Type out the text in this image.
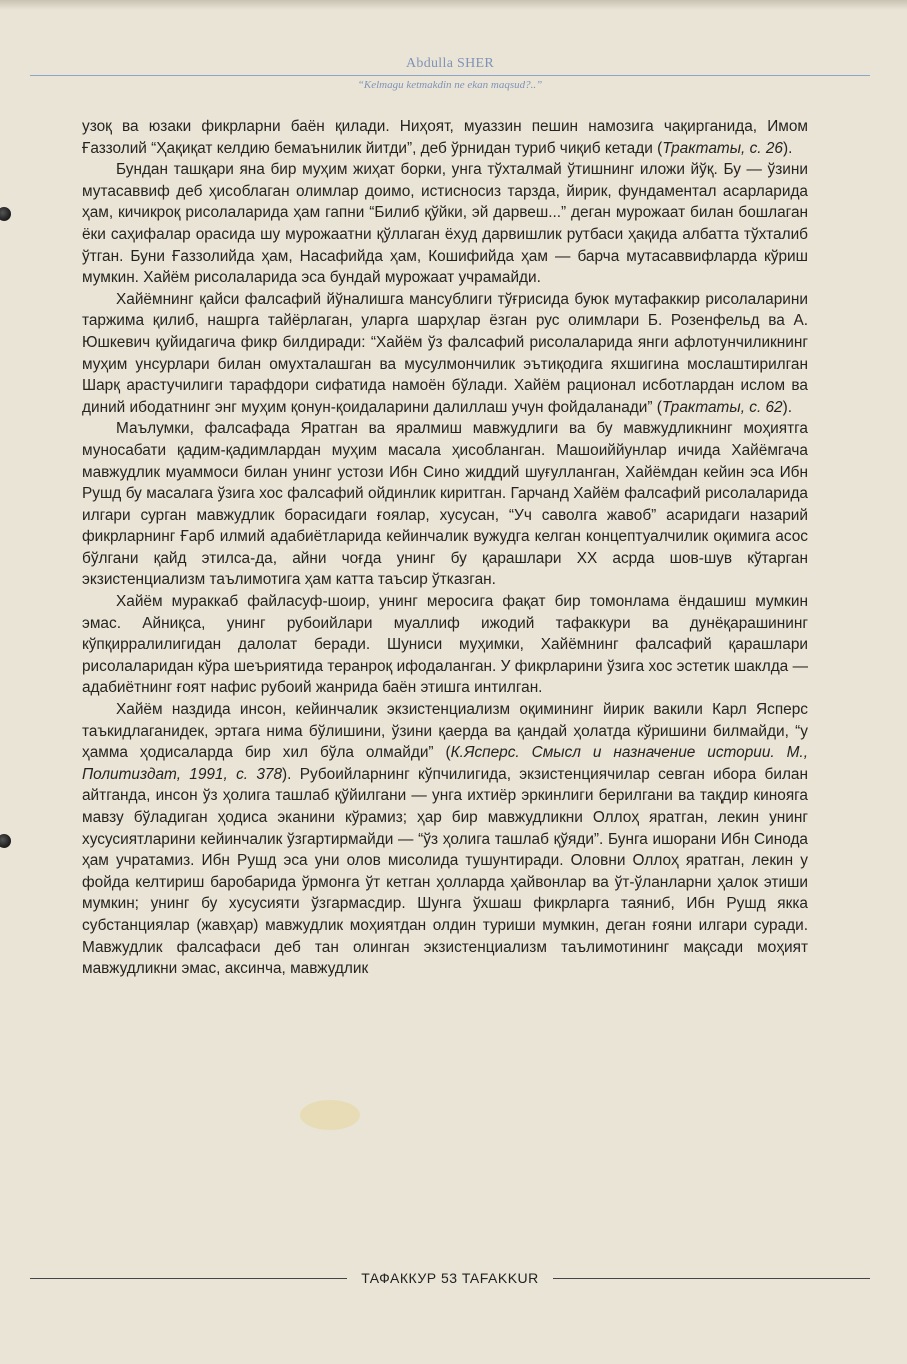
Abdulla SHER
“Kelmagu ketmakdin ne ekan maqsud?..”

узоқ ва юзаки фикрларни баён қилади. Ниҳоят, муаззин пешин намозига чақирганида, Имом Ғаззолий “Ҳақиқат келдию бемаънилик йитди”, деб ўрнидан туриб чиқиб кетади (Трактаты, с. 26).

Бундан ташқари яна бир муҳим жиҳат борки, унга тўхталмай ўтишнинг иложи йўқ. Бу — ўзини мутасаввиф деб ҳисоблаган олимлар доимо, истисносиз тарзда, йирик, фундаментал асарларида ҳам, кичикроқ рисолаларида ҳам гапни “Билиб қўйки, эй дарвеш...” деган мурожаат билан бошлаган ёки саҳифалар орасида шу мурожаатни қўллаган ёхуд дарвишлик рутбаси ҳақида албатта тўхталиб ўтган. Буни Ғаззолийда ҳам, Насафийда ҳам, Кошифийда ҳам — барча мутасаввифларда кўриш мумкин. Хайём рисолаларида эса бундай мурожаат учрамайди.

Хайёмнинг қайси фалсафий йўналишга мансублиги тўғрисида буюк мутафаккир рисолаларини таржима қилиб, нашрга тайёрлаган, уларга шарҳлар ёзган рус олимлари Б. Розенфельд ва А. Юшкевич қуйидагича фикр билдиради: “Хайём ўз фалсафий рисолаларида янги афлотунчиликнинг муҳим унсурлари билан омухталашган ва мусулмончилик эътиқодига яхшигина мослаштирилган Шарқ арастучилиги тарафдори сифатида намоён бўлади. Хайём рационал исботлардан ислом ва диний ибодатнинг энг муҳим қонун-қоидаларини далиллаш учун фойдаланади” (Трактаты, с. 62).

Маълумки, фалсафада Яратган ва яралмиш мавжудлиги ва бу мавжудликнинг моҳиятга муносабати қадим-қадимлардан муҳим масала ҳисобланган. Машоиййунлар ичида Хайёмгача мавжудлик муаммоси билан унинг устози Ибн Сино жиддий шуғулланган, Хайёмдан кейин эса Ибн Рушд бу масалага ўзига хос фалсафий ойдинлик киритган. Гарчанд Хайём фалсафий рисолаларида илгари сурган мавжудлик борасидаги ғоялар, хусусан, “Уч саволга жавоб” асаридаги назарий фикрларнинг Ғарб илмий адабиётларида кейинчалик вужудга келган концептуалчилик оқимига асос бўлгани қайд этилса-да, айни чоғда унинг бу қарашлари XX асрда шов-шув кўтарган экзистенциализм таълимотига ҳам катта таъсир ўтказган.

Хайём мураккаб файласуф-шоир, унинг меросига фақат бир томонлама ёндашиш мумкин эмас. Айниқса, унинг рубоийлари муаллиф ижодий тафаккури ва дунёқарашининг кўпқирралилигидан далолат беради. Шуниси муҳимки, Хайёмнинг фалсафий қарашлари рисолаларидан кўра шеъриятида теранроқ ифодаланган. У фикрларини ўзига хос эстетик шаклда — адабиётнинг ғоят нафис рубоий жанрида баён этишга интилган.

Хайём наздида инсон, кейинчалик экзистенциализм оқимининг йирик вакили Карл Ясперс таъкидлаганидек, эртага нима бўлишини, ўзини қаерда ва қандай ҳолатда кўришини билмайди, “у ҳамма ҳодисаларда бир хил бўла олмайди” (К.Ясперс. Смысл и назначение истории. М., Политиздат, 1991, с. 378). Рубоийларнинг кўпчилигида, экзистенциячилар севган ибора билан айтганда, инсон ўз ҳолига ташлаб қўйилгани — унга ихтиёр эркинлиги берилгани ва тақдир кинояга мавзу бўладиган ҳодиса эканини кўрамиз; ҳар бир мавжудликни Оллоҳ яратган, лекин унинг хусусиятларини кейинчалик ўзгартирмайди — “ўз ҳолига ташлаб қўяди”. Бунга ишорани Ибн Синода ҳам учратамиз. Ибн Рушд эса уни олов мисолида тушунтиради. Оловни Оллоҳ яратган, лекин у фойда келтириш баробарида ўрмонга ўт кетган ҳолларда ҳайвонлар ва ўт-ўланларни ҳалок этиши мумкин; унинг бу хусусияти ўзгармасдир. Шунга ўхшаш фикрларга таяниб, Ибн Рушд якка субстанциялар (жавҳар) мавжудлик моҳиятдан олдин туриши мумкин, деган ғояни илгари суради. Мавжудлик фалсафаси деб тан олинган экзистенциализм таълимотининг мақсади моҳият мавжудликни эмас, аксинча, мавжудлик

ТАФАККУР 53 TAFAKKUR
